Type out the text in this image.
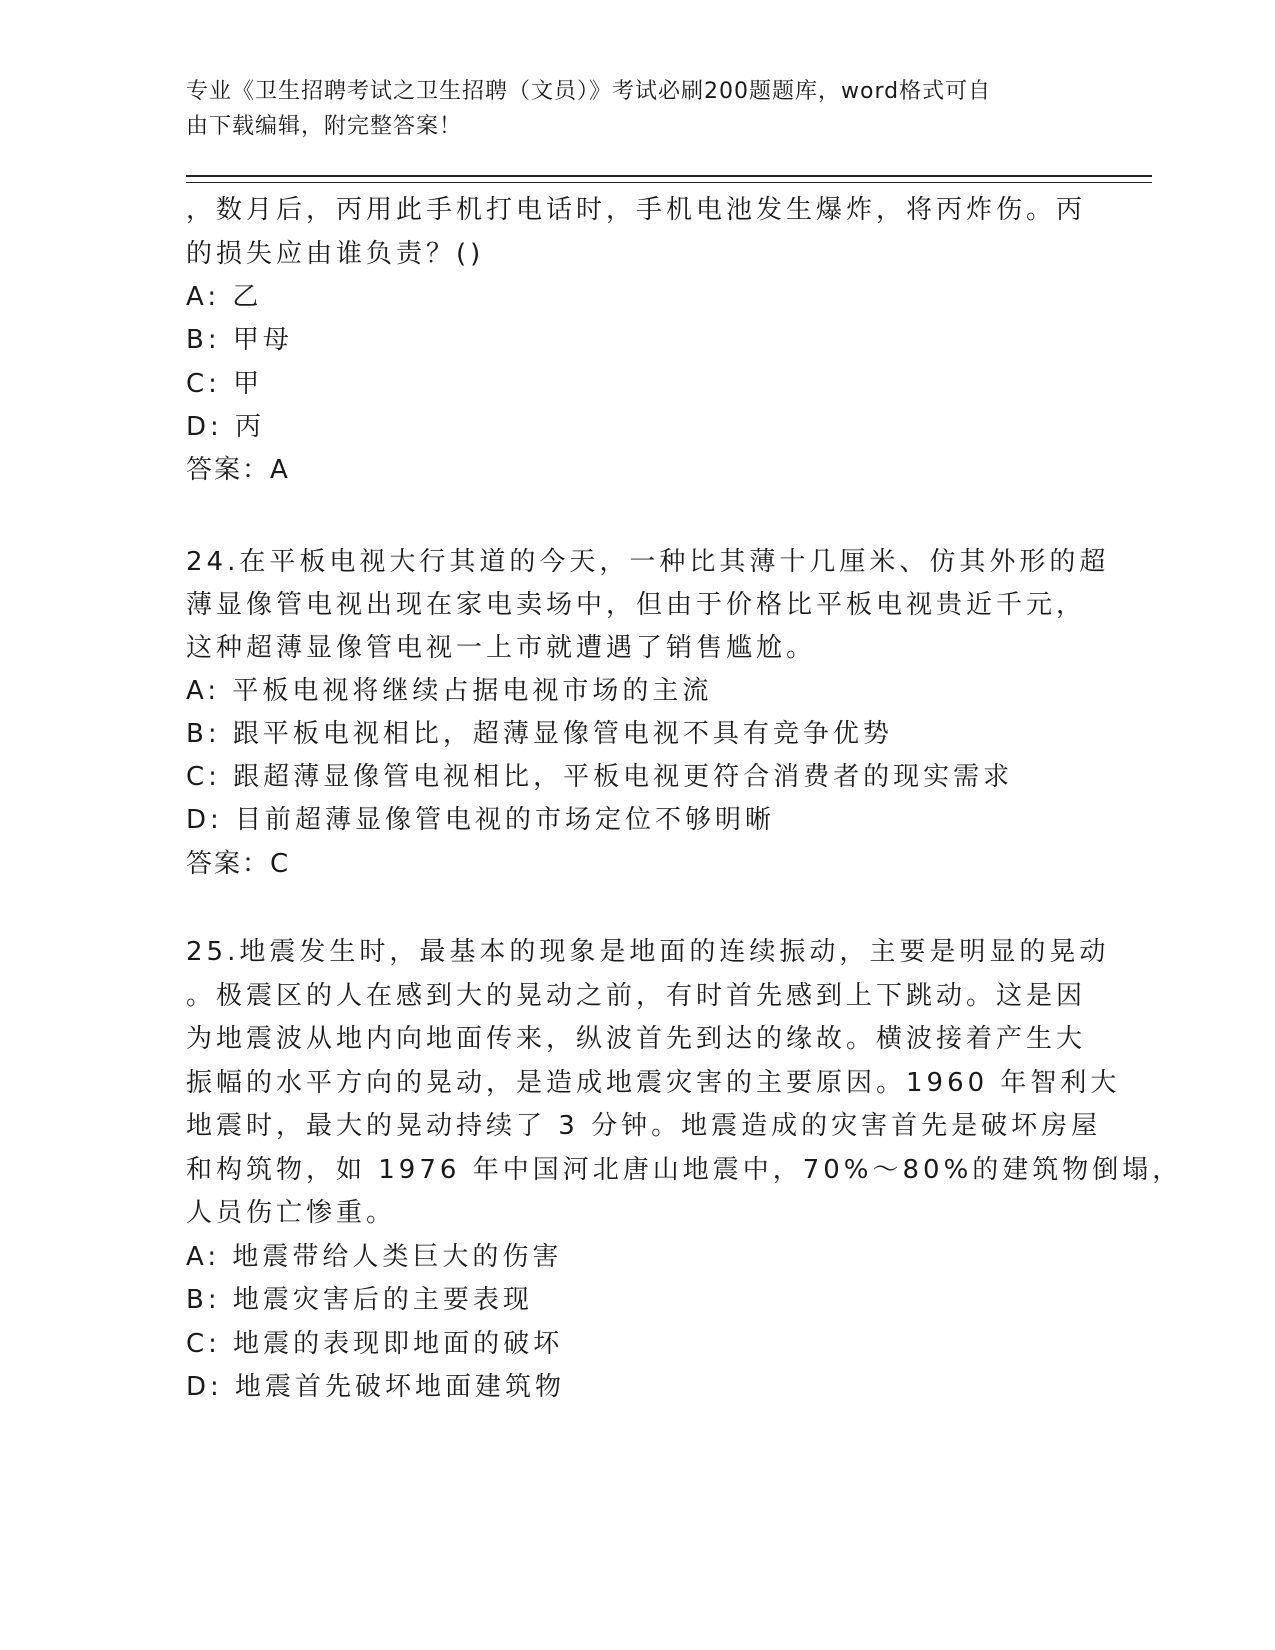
专业《卫生招聘考试之卫生招聘（文员）》考试必刷200题题库，word格式可自
由下载编辑，附完整答案！
，数月后，丙用此手机打电话时，手机电池发生爆炸，将丙炸伤。丙
的损失应由谁负责？()
A: 乙
B: 甲母
C: 甲
D: 丙
答案：A
24.在平板电视大行其道的今天，一种比其薄十几厘米、仿其外形的超
薄显像管电视出现在家电卖场中，但由于价格比平板电视贵近千元，
这种超薄显像管电视一上市就遭遇了销售尴尬。
A: 平板电视将继续占据电视市场的主流
B: 跟平板电视相比，超薄显像管电视不具有竞争优势
C: 跟超薄显像管电视相比，平板电视更符合消费者的现实需求
D: 目前超薄显像管电视的市场定位不够明晰
答案：C
25.地震发生时，最基本的现象是地面的连续振动，主要是明显的晃动
。极震区的人在感到大的晃动之前，有时首先感到上下跳动。这是因
为地震波从地内向地面传来，纵波首先到达的缘故。横波接着产生大
振幅的水平方向的晃动，是造成地震灾害的主要原因。1960 年智利大
地震时，最大的晃动持续了 3 分钟。地震造成的灾害首先是破坏房屋
和构筑物，如 1976 年中国河北唐山地震中，70%～80%的建筑物倒塌，
人员伤亡惨重。
A: 地震带给人类巨大的伤害
B: 地震灾害后的主要表现
C: 地震的表现即地面的破坏
D: 地震首先破坏地面建筑物
